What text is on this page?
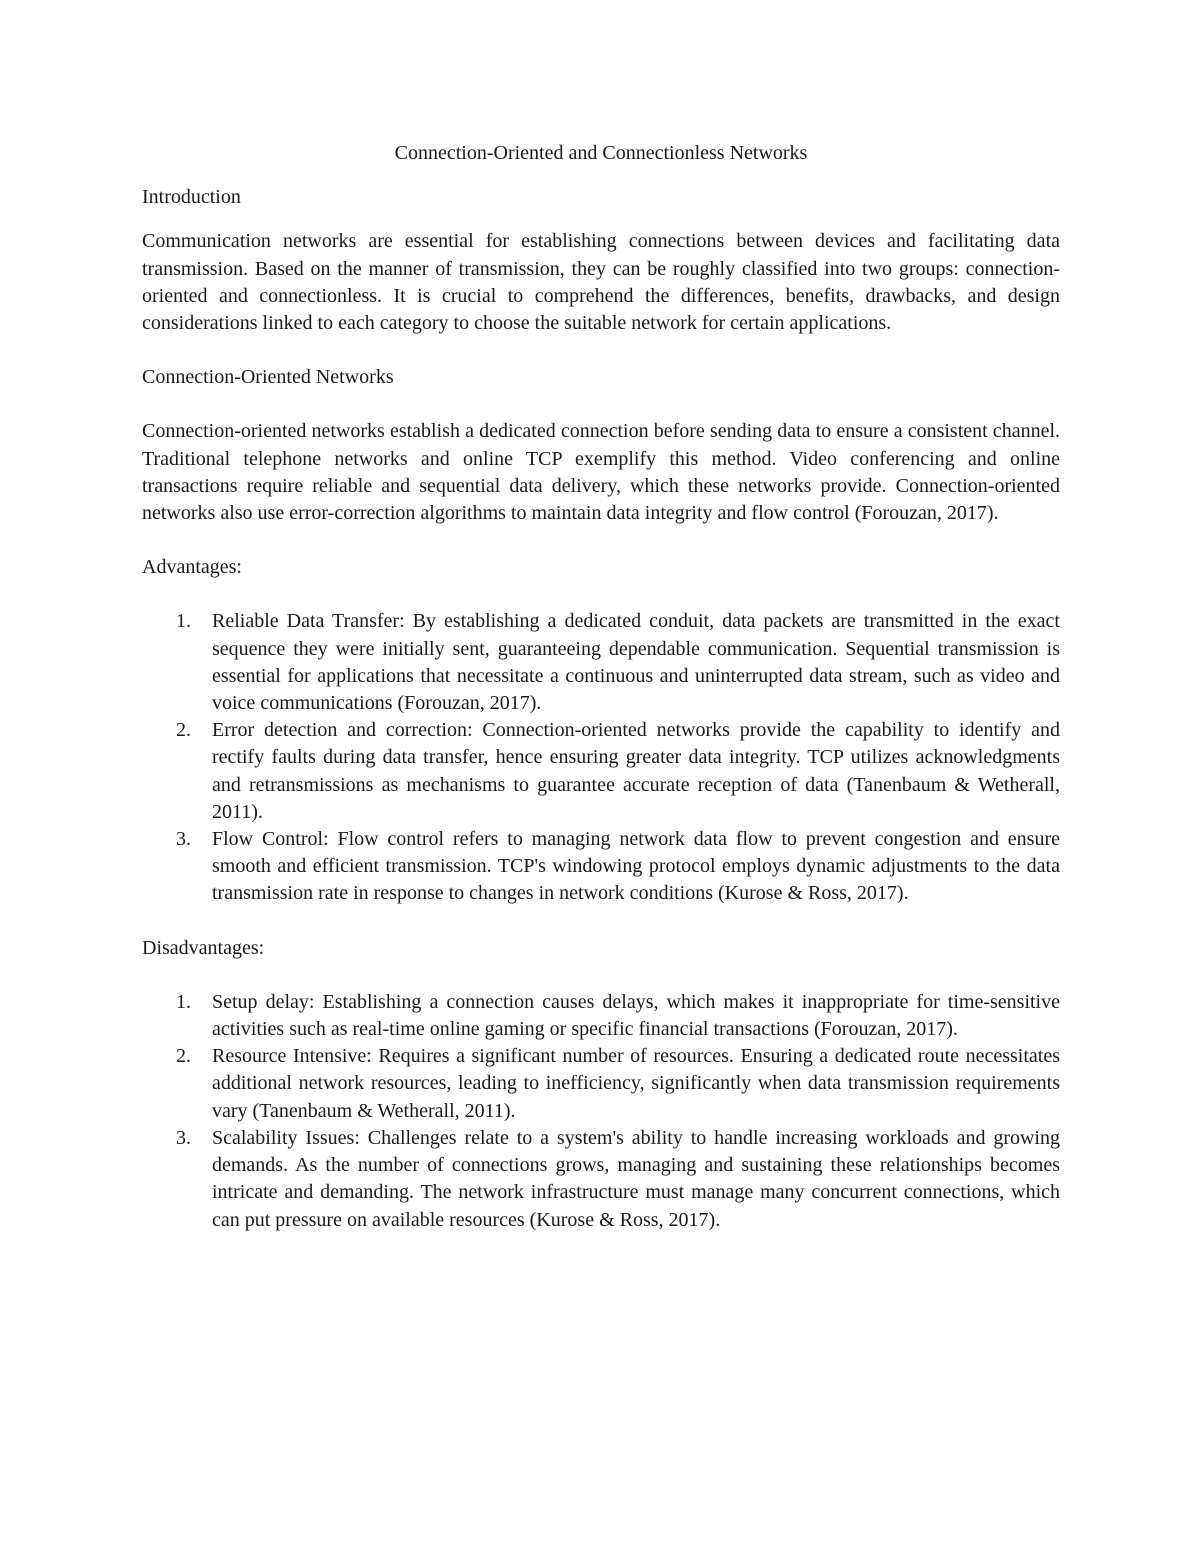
Connection-Oriented and Connectionless Networks
Introduction

Communication networks are essential for establishing connections between devices and facilitating data transmission. Based on the manner of transmission, they can be roughly classified into two groups: connection-oriented and connectionless. It is crucial to comprehend the differences, benefits, drawbacks, and design considerations linked to each category to choose the suitable network for certain applications.

Connection-Oriented Networks

Connection-oriented networks establish a dedicated connection before sending data to ensure a consistent channel. Traditional telephone networks and online TCP exemplify this method. Video conferencing and online transactions require reliable and sequential data delivery, which these networks provide. Connection-oriented networks also use error-correction algorithms to maintain data integrity and flow control (Forouzan, 2017).

Advantages:
1. Reliable Data Transfer: By establishing a dedicated conduit, data packets are transmitted in the exact sequence they were initially sent, guaranteeing dependable communication. Sequential transmission is essential for applications that necessitate a continuous and uninterrupted data stream, such as video and voice communications (Forouzan, 2017).
2. Error detection and correction: Connection-oriented networks provide the capability to identify and rectify faults during data transfer, hence ensuring greater data integrity. TCP utilizes acknowledgments and retransmissions as mechanisms to guarantee accurate reception of data (Tanenbaum & Wetherall, 2011).
3. Flow Control: Flow control refers to managing network data flow to prevent congestion and ensure smooth and efficient transmission. TCP's windowing protocol employs dynamic adjustments to the data transmission rate in response to changes in network conditions (Kurose & Ross, 2017).
Disadvantages:
1. Setup delay: Establishing a connection causes delays, which makes it inappropriate for time-sensitive activities such as real-time online gaming or specific financial transactions (Forouzan, 2017).
2. Resource Intensive: Requires a significant number of resources. Ensuring a dedicated route necessitates additional network resources, leading to inefficiency, significantly when data transmission requirements vary (Tanenbaum & Wetherall, 2011).
3. Scalability Issues: Challenges relate to a system's ability to handle increasing workloads and growing demands. As the number of connections grows, managing and sustaining these relationships becomes intricate and demanding. The network infrastructure must manage many concurrent connections, which can put pressure on available resources (Kurose & Ross, 2017).
